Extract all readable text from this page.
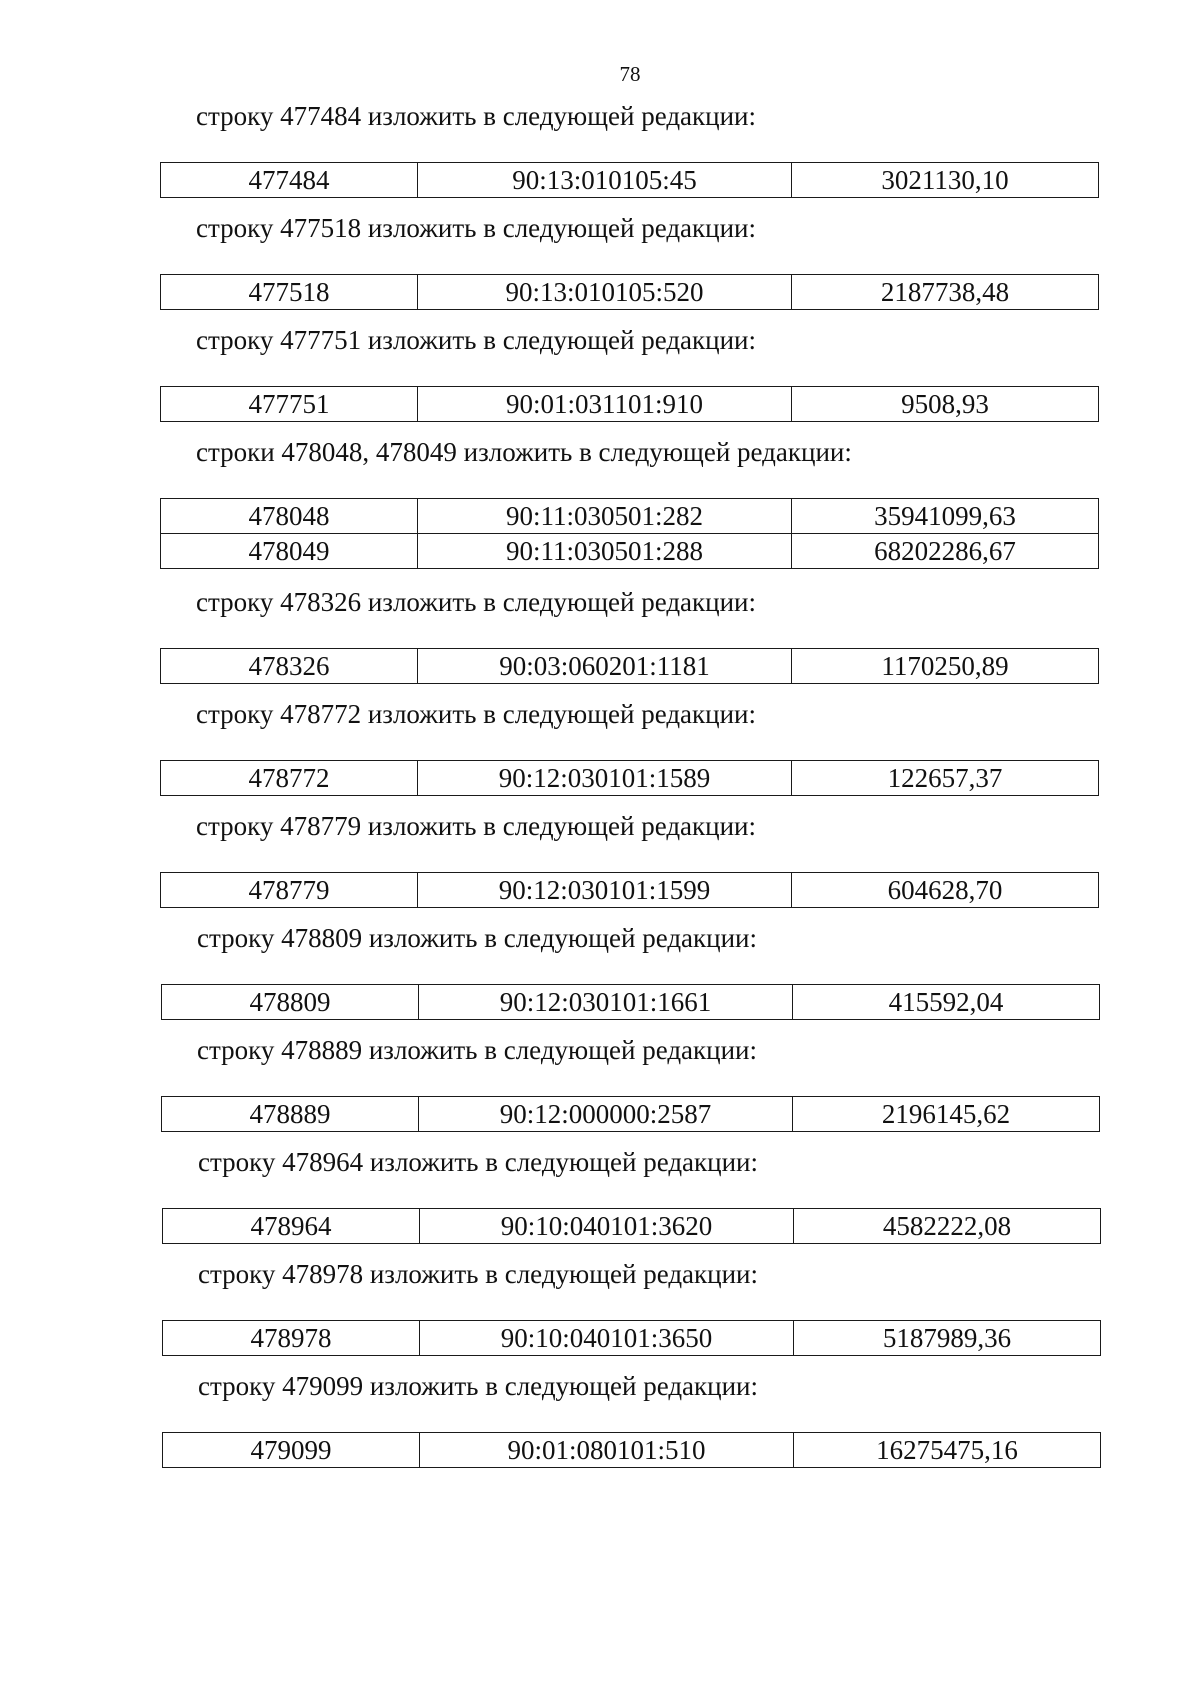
78
строку 477484 изложить в следующей редакции:
477484	90:13:010105:45	3021130,10
строку 477518 изложить в следующей редакции:
477518	90:13:010105:520	2187738,48
строку 477751 изложить в следующей редакции:
477751	90:01:031101:910	9508,93
строки 478048, 478049 изложить в следующей редакции:
478048	90:11:030501:282	35941099,63
478049	90:11:030501:288	68202286,67
строку 478326 изложить в следующей редакции:
478326	90:03:060201:1181	1170250,89
строку 478772 изложить в следующей редакции:
478772	90:12:030101:1589	122657,37
строку 478779 изложить в следующей редакции:
478779	90:12:030101:1599	604628,70
строку 478809 изложить в следующей редакции:
478809	90:12:030101:1661	415592,04
строку 478889 изложить в следующей редакции:
478889	90:12:000000:2587	2196145,62
строку 478964 изложить в следующей редакции:
478964	90:10:040101:3620	4582222,08
строку 478978 изложить в следующей редакции:
478978	90:10:040101:3650	5187989,36
строку 479099 изложить в следующей редакции:
479099	90:01:080101:510	16275475,16
